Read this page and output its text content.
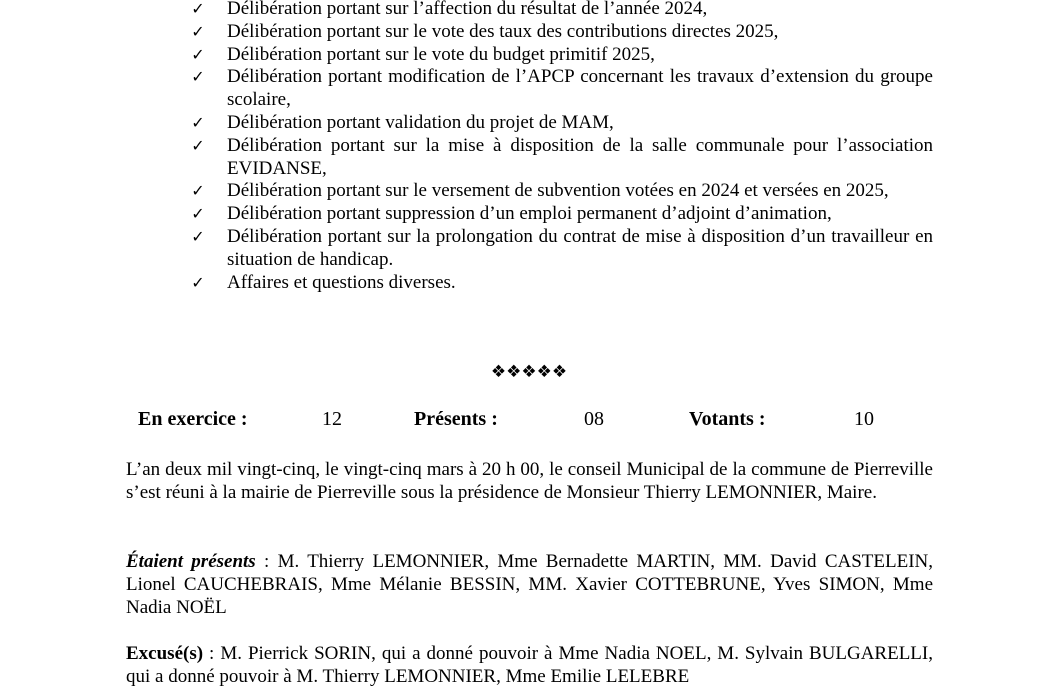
✓ Délibération portant sur l’affection du résultat de l’année 2024,
✓ Délibération portant sur le vote des taux des contributions directes 2025,
✓ Délibération portant sur le vote du budget primitif 2025,
✓ Délibération portant modification de l’APCP concernant les travaux d’extension du groupe scolaire,
✓ Délibération portant validation du projet de MAM,
✓ Délibération portant sur la mise à disposition de la salle communale pour l’association EVIDANSE,
✓ Délibération portant sur le versement de subvention votées en 2024 et versées en 2025,
✓ Délibération portant suppression d’un emploi permanent d’adjoint d’animation,
✓ Délibération portant sur la prolongation du contrat de mise à disposition d’un travailleur en situation de handicap.
✓ Affaires et questions diverses.
❖❖❖❖❖
En exercice :	12	Présents :	08	Votants :	10

L’an deux mil vingt-cinq, le vingt-cinq mars à 20 h 00, le conseil Municipal de la commune de Pierreville s’est réuni à la mairie de Pierreville sous la présidence de Monsieur Thierry LEMONNIER, Maire.

Étaient présents : M. Thierry LEMONNIER, Mme Bernadette MARTIN, MM. David CASTELEIN, Lionel CAUCHEBRAIS, Mme Mélanie BESSIN, MM. Xavier COTTEBRUNE, Yves SIMON, Mme Nadia NOËL

Excusé(s) : M. Pierrick SORIN, qui a donné pouvoir à Mme Nadia NOEL, M. Sylvain BULGARELLI, qui a donné pouvoir à M. Thierry LEMONNIER, Mme Emilie LELEBRE
